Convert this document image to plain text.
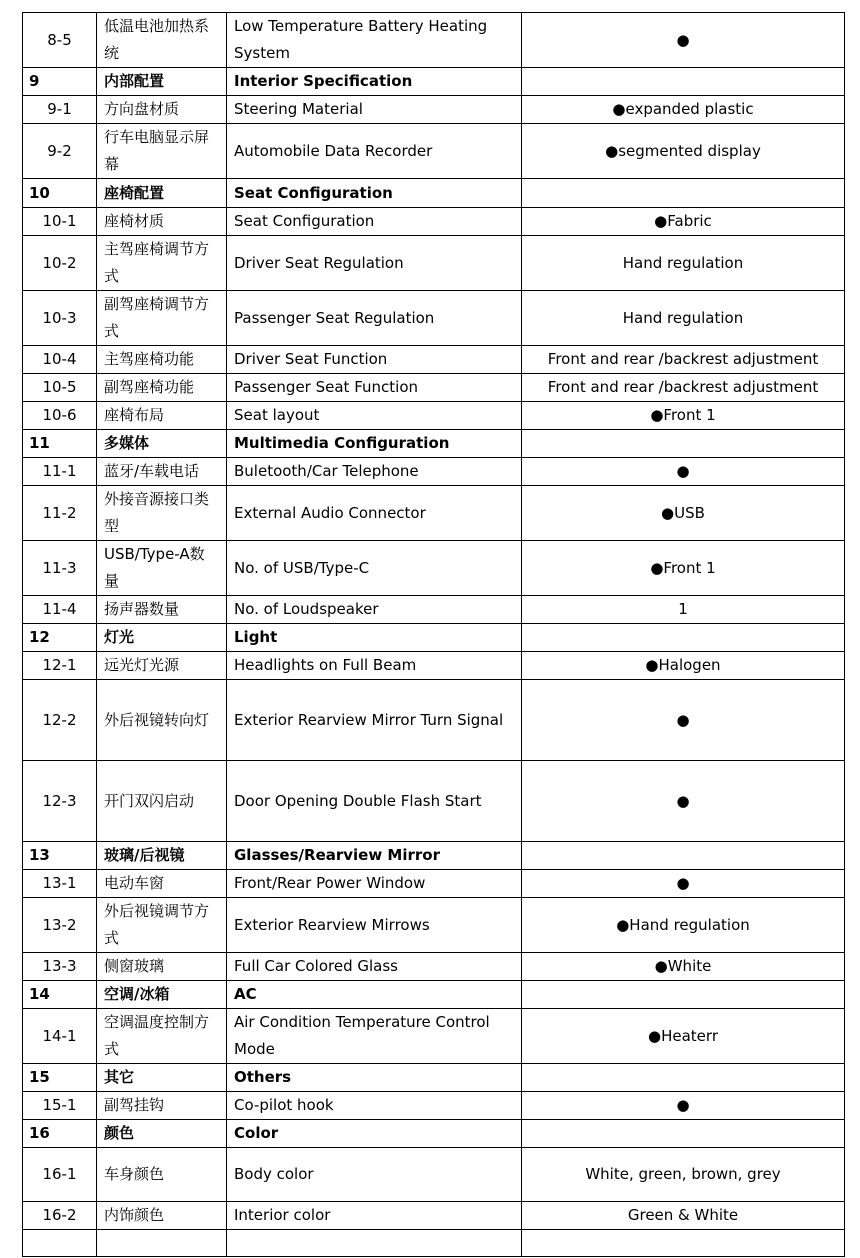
8-5	低温电池加热系统	Low Temperature Battery Heating System	●
9	内部配置	Interior Specification	
9-1	方向盘材质	Steering Material	●expanded plastic
9-2	行车电脑显示屏幕	Automobile Data Recorder	●segmented display
10	座椅配置	Seat Configuration	
10-1	座椅材质	Seat Configuration	●Fabric
10-2	主驾座椅调节方式	Driver Seat Regulation	Hand regulation
10-3	副驾座椅调节方式	Passenger Seat Regulation	Hand regulation
10-4	主驾座椅功能	Driver Seat Function	Front and rear /backrest adjustment
10-5	副驾座椅功能	Passenger Seat Function	Front and rear /backrest adjustment
10-6	座椅布局	Seat layout	●Front 1
11	多媒体	Multimedia Configuration	
11-1	蓝牙/车载电话	Buletooth/Car Telephone	●
11-2	外接音源接口类型	External Audio Connector	●USB
11-3	USB/Type-A数量	No. of USB/Type-C	●Front 1
11-4	扬声器数量	No. of Loudspeaker	1
12	灯光	Light	
12-1	远光灯光源	Headlights on Full Beam	●Halogen
12-2	外后视镜转向灯	Exterior Rearview Mirror Turn Signal	●
12-3	开门双闪启动	Door Opening Double Flash Start	●
13	玻璃/后视镜	Glasses/Rearview Mirror	
13-1	电动车窗	Front/Rear Power Window	●
13-2	外后视镜调节方式	Exterior Rearview Mirrows	●Hand regulation
13-3	侧窗玻璃	Full Car Colored Glass	●White
14	空调/冰箱	AC	
14-1	空调温度控制方式	Air Condition Temperature Control Mode	●Heaterr
15	其它	Others	
15-1	副驾挂钩	Co-pilot hook	●
16	颜色	Color	
16-1	车身颜色	Body color	White, green, brown, grey
16-2	内饰颜色	Interior color	Green & White
